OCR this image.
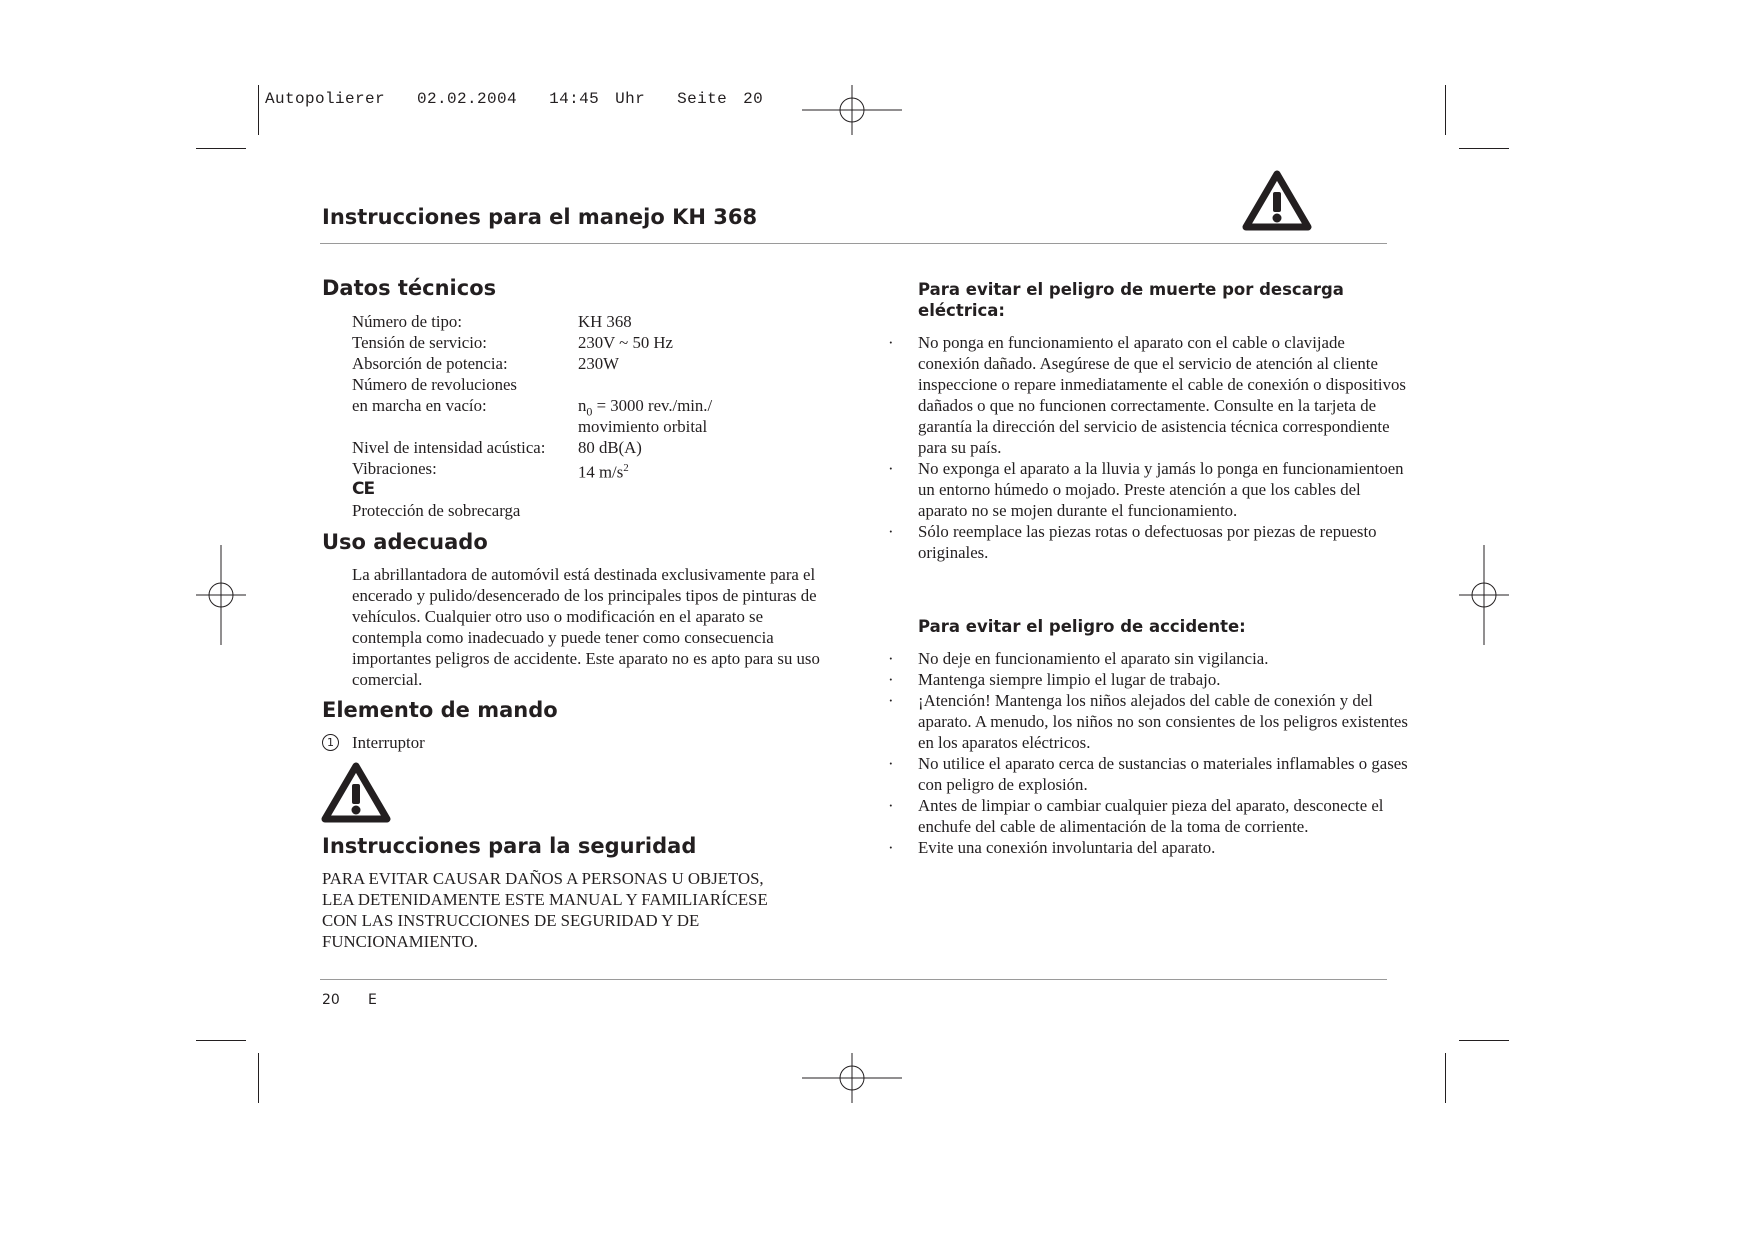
Autopolierer 02.02.2004 14:45 Uhr Seite 20
Instrucciones para el manejo KH 368
Datos técnicos
Número de tipo:	KH 368
Tensión de servicio:	230V ~ 50 Hz
Absorción de potencia:	230W
Número de revoluciones
en marcha en vacío:	$n_0 = 3000$ rev./min./
movimiento orbital
Nivel de intensidad acústica: 80 dB(A)
Vibraciones:	14 $m/s^2$
CE
Protección de sobrecarga
Uso adecuado
La abrillantadora de automóvil está destinada exclusivamente para el encerado y pulido/desencerado de los principales tipos de pinturas de vehículos. Cualquier otro uso o modificación en el aparato se contempla como inadecuado y puede tener como consecuencia importantes peligros de accidente. Este aparato no es apto para su uso comercial.
Elemento de mando
1 Interruptor
Instrucciones para la seguridad
PARA EVITAR CAUSAR DAÑOS A PERSONAS U OBJETOS, LEA DETENIDAMENTE ESTE MANUAL Y FAMILIARÍCESE CON LAS INSTRUCCIONES DE SEGURIDAD Y DE FUNCIONAMIENTO.
Para evitar el peligro de muerte por descarga eléctrica:
· No ponga en funcionamiento el aparato con el cable o clavijade conexión dañado. Asegúrese de que el servicio de atención al cliente inspeccione o repare inmediatamente el cable de conexión o dispositivos dañados o que no funcionen correctamente. Consulte en la tarjeta de garantía la dirección del servicio de asistencia técnica correspondiente para su país.
· No exponga el aparato a la lluvia y jamás lo ponga en funcionamientoen un entorno húmedo o mojado. Preste atención a que los cables del aparato no se mojen durante el funcionamiento.
· Sólo reemplace las piezas rotas o defectuosas por piezas de repuesto originales.
Para evitar el peligro de accidente:
· No deje en funcionamiento el aparato sin vigilancia.
· Mantenga siempre limpio el lugar de trabajo.
· ¡Atención! Mantenga los niños alejados del cable de conexión y del aparato. A menudo, los niños no son consientes de los peligros existentes en los aparatos eléctricos.
· No utilice el aparato cerca de sustancias o materiales inflamables o gases con peligro de explosión.
· Antes de limpiar o cambiar cualquier pieza del aparato, desconecte el enchufe del cable de alimentación de la toma de corriente.
· Evite una conexión involuntaria del aparato.
20 E
